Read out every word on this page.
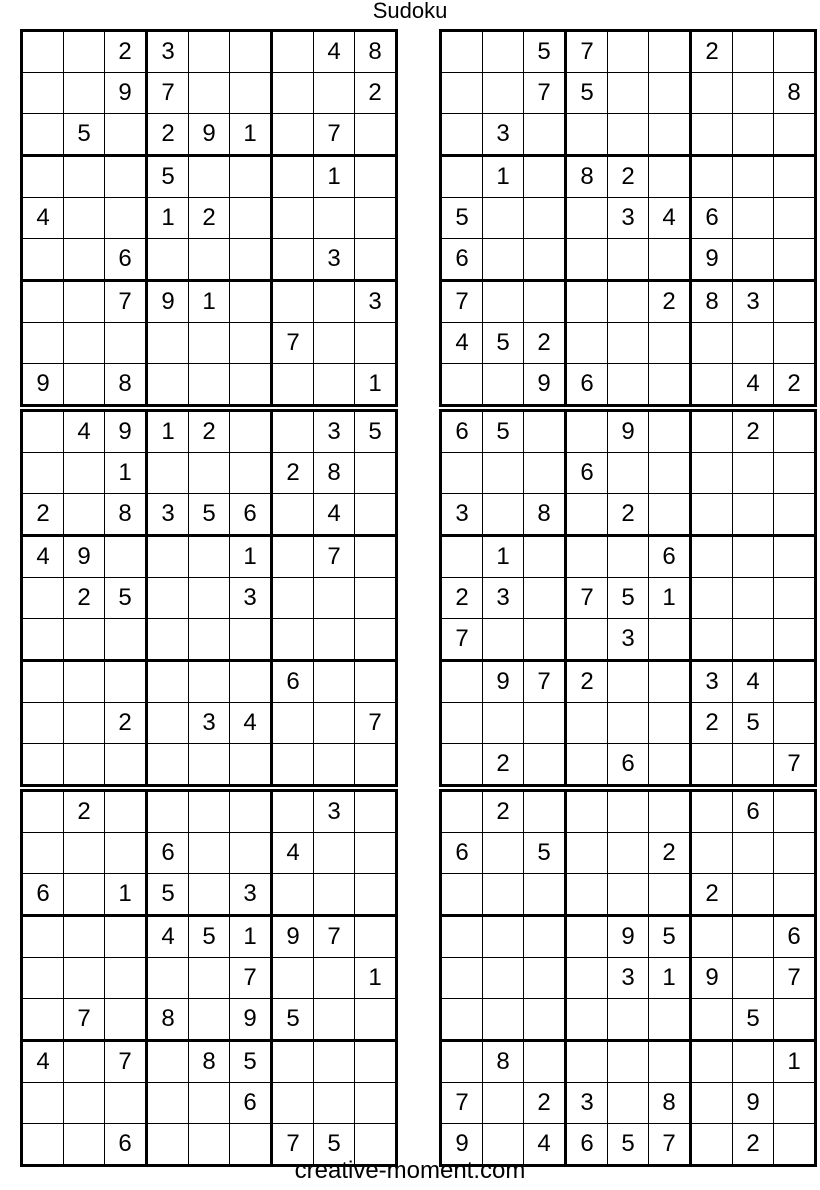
Sudoku
		2	3				4	8
		9	7					2
	5		2	9	1		7	
			5				1	
4			1	2				
		6					3	
		7	9	1				3
						7		
9		8						1
		5	7			2		
		7	5					8
	3							
	1		8	2				
5				3	4	6		
6						9		
7					2	8	3	
4	5	2						
		9	6				4	2
	4	9	1	2			3	5
		1				2	8	
2		8	3	5	6		4	
4	9				1		7	
	2	5			3			

						6		
		2		3	4			7

6	5			9			2	
			6					
3		8		2				
	1				6			
2	3		7	5	1			
7				3				
	9	7	2			3	4	
						2	5	
	2			6				7
	2						3	
			6			4		
6		1	5		3			
			4	5	1	9	7	
					7			1
	7		8		9	5		
4		7		8	5			
					6			
		6				7	5	
	2						6	
6		5			2			
						2		
				9	5			6
				3	1	9		7
							5	
	8							1
7		2	3		8		9	
9		4	6	5	7		2	
creative-moment.com
